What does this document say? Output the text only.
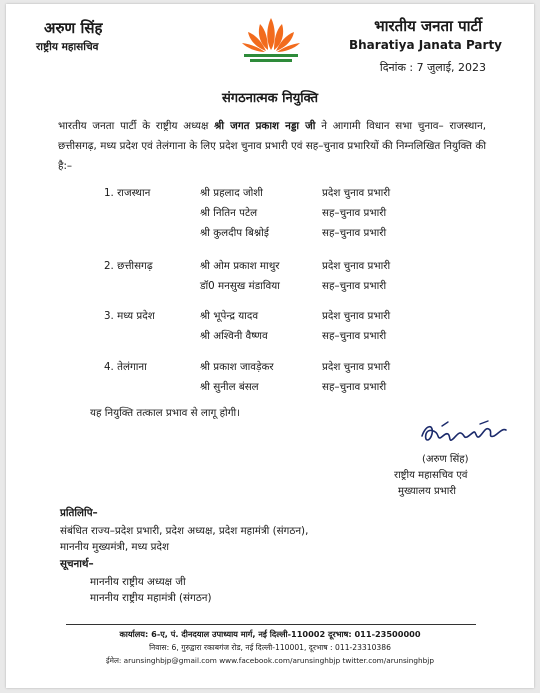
अरुण सिंह
राष्ट्रीय महासचिव
भारतीय जनता पार्टी
Bharatiya Janata Party
दिनांक : 7 जुलाई, 2023
संगठनात्मक नियुक्ति
भारतीय जनता पार्टी के राष्ट्रीय अध्यक्ष श्री जगत प्रकाश नड्डा जी ने आगामी विधान सभा चुनाव– राजस्थान, छत्तीसगढ़, मध्य प्रदेश एवं तेलंगाना के लिए प्रदेश चुनाव प्रभारी एवं सह–चुनाव प्रभारियों की निम्नलिखित नियुक्ति की है:–
1. राजस्थान	श्री प्रहलाद जोशी	प्रदेश चुनाव प्रभारी
श्री नितिन पटेल	सह–चुनाव प्रभारी
श्री कुलदीप बिश्नोई	सह–चुनाव प्रभारी
2. छत्तीसगढ़	श्री ओम प्रकाश माथुर	प्रदेश चुनाव प्रभारी
डॉ0 मनसुख मंडाविया	सह–चुनाव प्रभारी
3. मध्य प्रदेश	श्री भूपेन्द्र यादव	प्रदेश चुनाव प्रभारी
श्री अश्विनी वैष्णव	सह–चुनाव प्रभारी
4. तेलंगाना	श्री प्रकाश जावड़ेकर	प्रदेश चुनाव प्रभारी
श्री सुनील बंसल	सह–चुनाव प्रभारी
यह नियुक्ति तत्काल प्रभाव से लागू होगी।
(अरुण सिंह)
राष्ट्रीय महासचिव एवं
मुख्यालय प्रभारी
प्रतिलिपि–
संबंधित राज्य–प्रदेश प्रभारी, प्रदेश अध्यक्ष, प्रदेश महामंत्री (संगठन),
माननीय मुख्यमंत्री, मध्य प्रदेश
सूचनार्थ–
माननीय राष्ट्रीय अध्यक्ष जी
माननीय राष्ट्रीय महामंत्री (संगठन)
कार्यालय: 6-ए, पं. दीनदयाल उपाध्याय मार्ग, नई दिल्ली-110002 दूरभाष: 011-23500000
निवास: 6, गुरुद्वारा रकाबगंज रोड, नई दिल्ली-110001, दूरभाष : 011-23310386
ईमेल: arunsinghbjp@gmail.com www.facebook.com/arunsinghbjp twitter.com/arunsinghbjp
